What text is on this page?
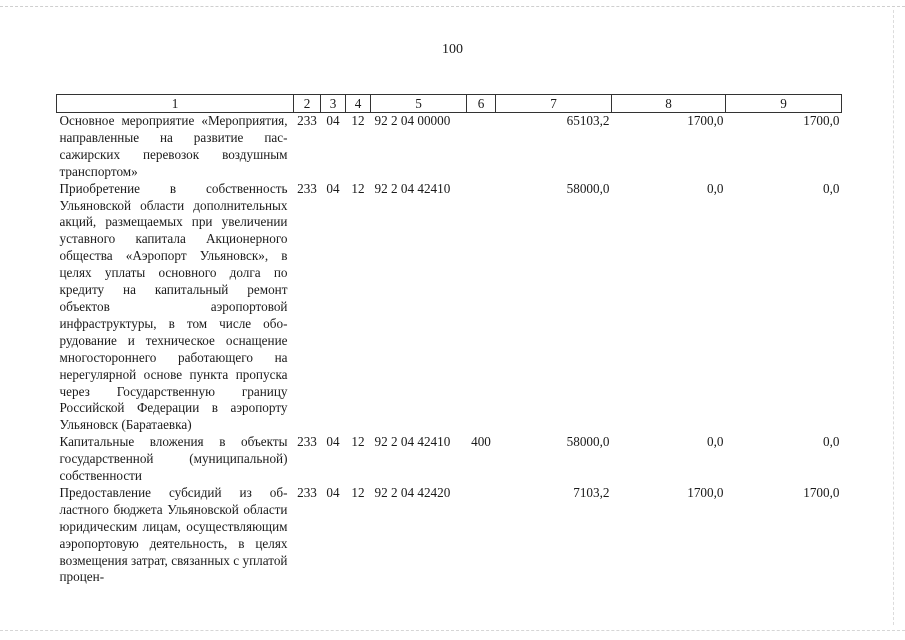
100
1	2	3	4	5	6	7	8	9
Основное мероприятие «Мероприятия, направленные на развитие пассажирских перевозок воздушным транспортом»	233	04	12	92 2 04 00000		65103,2	1700,0	1700,0
Приобретение в собственность Ульяновской области дополнительных акций, размещаемых при увеличении уставного капитала Акционерного общества «Аэропорт Ульяновск», в целях уплаты основного долга по кредиту на капитальный ремонт объектов аэропортовой инфраструктуры, в том числе оборудование и техническое оснащение многостороннего работающего на нерегулярной основе пункта пропуска через Государственную границу Российской Федерации в аэропорту Ульяновск (Баратаевка)	233	04	12	92 2 04 42410		58000,0	0,0	0,0
Капитальные вложения в объекты государственной (муниципальной) собственности	233	04	12	92 2 04 42410	400	58000,0	0,0	0,0
Предоставление субсидий из областного бюджета Ульяновской области юридическим лицам, осуществляющим аэропортовую деятельность, в целях возмещения затрат, связанных с уплатой процен-	233	04	12	92 2 04 42420		7103,2	1700,0	1700,0
